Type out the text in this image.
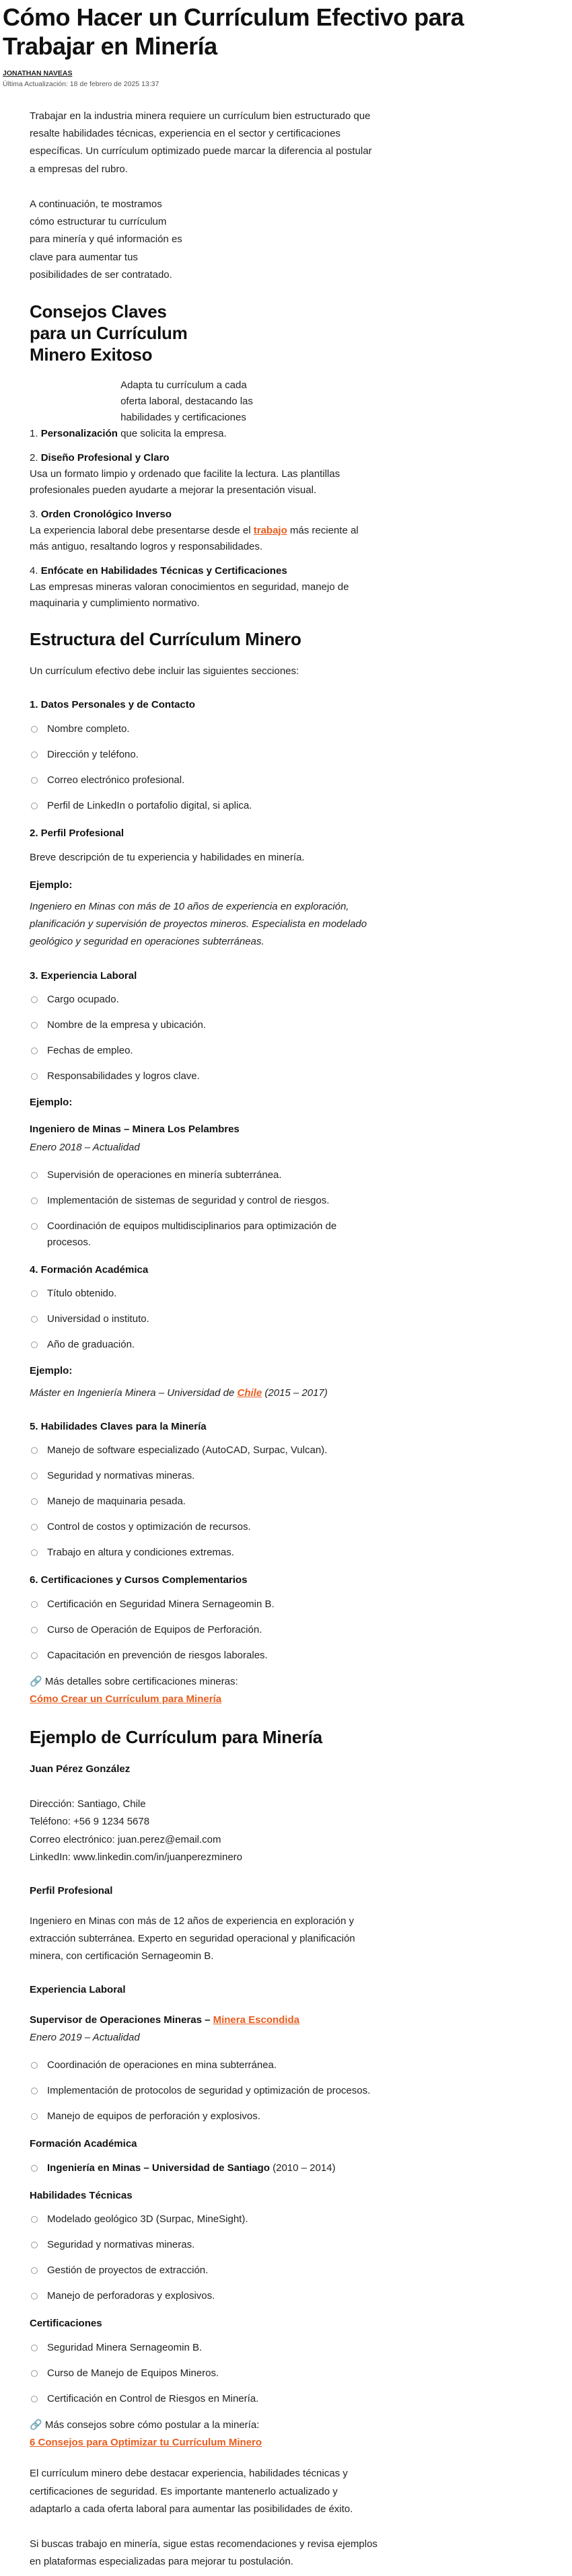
Cómo Hacer un Currículum Efectivo para Trabajar en Minería
JONATHAN NAVEAS
Última Actualización: 18 de febrero de 2025 13:37

Trabajar en la industria minera requiere un currículum bien estructurado que resalte habilidades técnicas, experiencia en el sector y certificaciones específicas. Un currículum optimizado puede marcar la diferencia al postular a empresas del rubro.

A continuación, te mostramos cómo estructurar tu currículum para minería y qué información es clave para aumentar tus posibilidades de ser contratado.

Consejos Claves para un Currículum Minero Exitoso
1. Personalización Adapta tu currículum a cada oferta laboral, destacando las habilidades y certificaciones que solicita la empresa.
2. Diseño Profesional y Claro
Usa un formato limpio y ordenado que facilite la lectura. Las plantillas profesionales pueden ayudarte a mejorar la presentación visual.
3. Orden Cronológico Inverso
La experiencia laboral debe presentarse desde el trabajo más reciente al más antiguo, resaltando logros y responsabilidades.
4. Enfócate en Habilidades Técnicas y Certificaciones
Las empresas mineras valoran conocimientos en seguridad, manejo de maquinaria y cumplimiento normativo.
Estructura del Currículum Minero

Un currículum efectivo debe incluir las siguientes secciones:

1. Datos Personales y de Contacto
Nombre completo.
Dirección y teléfono.
Correo electrónico profesional.
Perfil de LinkedIn o portafolio digital, si aplica.
2. Perfil Profesional

Breve descripción de tu experiencia y habilidades en minería.

Ejemplo:

Ingeniero en Minas con más de 10 años de experiencia en exploración, planificación y supervisión de proyectos mineros. Especialista en modelado geológico y seguridad en operaciones subterráneas.

3. Experiencia Laboral
Cargo ocupado.
Nombre de la empresa y ubicación.
Fechas de empleo.
Responsabilidades y logros clave.
Ejemplo:
Ingeniero de Minas – Minera Los Pelambres
Enero 2018 – Actualidad
Supervisión de operaciones en minería subterránea.
Implementación de sistemas de seguridad y control de riesgos.
Coordinación de equipos multidisciplinarios para optimización de procesos.
4. Formación Académica
Título obtenido.
Universidad o instituto.
Año de graduación.
Ejemplo:

Máster en Ingeniería Minera – Universidad de Chile (2015 – 2017)

5. Habilidades Claves para la Minería
Manejo de software especializado (AutoCAD, Surpac, Vulcan).
Seguridad y normativas mineras.
Manejo de maquinaria pesada.
Control de costos y optimización de recursos.
Trabajo en altura y condiciones extremas.
6. Certificaciones y Cursos Complementarios
Certificación en Seguridad Minera Sernageomin B.
Curso de Operación de Equipos de Perforación.
Capacitación en prevención de riesgos laborales.
🔗 Más detalles sobre certificaciones mineras:
Cómo Crear un Currículum para Minería
Ejemplo de Currículum para Minería
Juan Pérez González

Dirección: Santiago, Chile

Teléfono: +56 9 1234 5678

Correo electrónico: juan.perez@email.com

LinkedIn: www.linkedin.com/in/juanperezminero

Perfil Profesional

Ingeniero en Minas con más de 12 años de experiencia en exploración y extracción subterránea. Experto en seguridad operacional y planificación minera, con certificación Sernageomin B.

Experiencia Laboral
Supervisor de Operaciones Mineras – Minera Escondida
Enero 2019 – Actualidad
Coordinación de operaciones en mina subterránea.
Implementación de protocolos de seguridad y optimización de procesos.
Manejo de equipos de perforación y explosivos.
Formación Académica
Ingeniería en Minas – Universidad de Santiago (2010 – 2014)
Habilidades Técnicas
Modelado geológico 3D (Surpac, MineSight).
Seguridad y normativas mineras.
Gestión de proyectos de extracción.
Manejo de perforadoras y explosivos.
Certificaciones
Seguridad Minera Sernageomin B.
Curso de Manejo de Equipos Mineros.
Certificación en Control de Riesgos en Minería.
🔗 Más consejos sobre cómo postular a la minería:
6 Consejos para Optimizar tu Currículum Minero

El currículum minero debe destacar experiencia, habilidades técnicas y certificaciones de seguridad. Es importante mantenerlo actualizado y adaptarlo a cada oferta laboral para aumentar las posibilidades de éxito.

Si buscas trabajo en minería, sigue estas recomendaciones y revisa ejemplos en plataformas especializadas para mejorar tu postulación.
